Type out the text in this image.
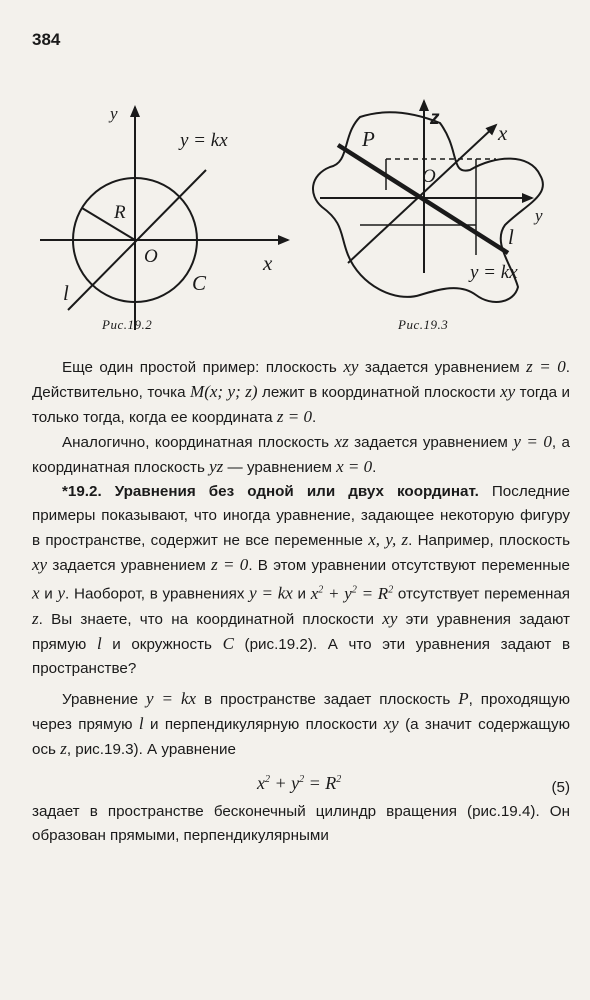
384
y
y = kx
R
O	x
l	C
Рис.19.2
z
P	x
O
y
l
y = kx
Рис.19.3

Еще один простой пример: плоскость xy задается уравнением z = 0. Действительно, точка M(x; y; z) лежит в координатной плоскости xy тогда и только тогда, когда ее координата z = 0.

Аналогично, координатная плоскость xz задается уравнением y = 0, а координатная плоскость yz — уравнением x = 0.

*19.2. Уравнения без одной или двух координат. Последние примеры показывают, что иногда уравнение, задающее некоторую фигуру в пространстве, содержит не все переменные x, y, z. Например, плоскость xy задается уравнением z = 0. В этом уравнении отсутствуют переменные x и y. Наоборот, в уравнениях y = kx и $x^2 + y^2 = R^2$ отсутствует переменная z. Вы знаете, что на координатной плоскости xy эти уравнения задают прямую l и окружность C (рис.19.2). А что эти уравнения задают в пространстве?

Уравнение y = kx в пространстве задает плоскость P, проходящую через прямую l и перпендикулярную плоскости xy (а значит содержащую ось z, рис.19.3). А уравнение

$x^2 + y^2 = R^2$	(5)

задает в пространстве бесконечный цилиндр вращения (рис.19.4). Он образован прямыми, перпендикулярными
